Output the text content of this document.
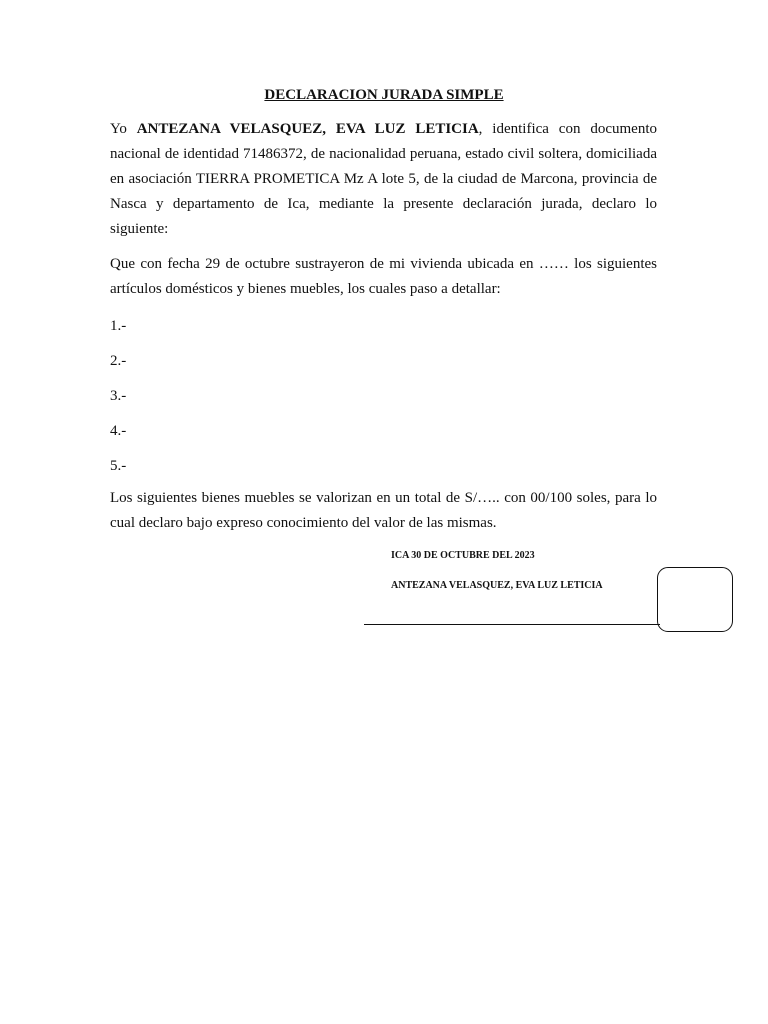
DECLARACION JURADA SIMPLE
Yo ANTEZANA VELASQUEZ, EVA LUZ LETICIA, identifica con documento nacional de identidad 71486372, de nacionalidad peruana, estado civil soltera, domiciliada en asociación TIERRA PROMETICA Mz A lote 5, de la ciudad de Marcona, provincia de Nasca y departamento de Ica, mediante la presente declaración jurada, declaro lo siguiente:
Que con fecha 29 de octubre sustrayeron de mi vivienda ubicada en …… los siguientes artículos domésticos y bienes muebles, los cuales paso a detallar:
1.-
2.-
3.-
4.-
5.-
Los siguientes bienes muebles se valorizan en un total de S/….. con 00/100 soles, para lo cual declaro bajo expreso conocimiento del valor de las mismas.
ICA 30 DE OCTUBRE DEL 2023
ANTEZANA VELASQUEZ, EVA LUZ LETICIA
